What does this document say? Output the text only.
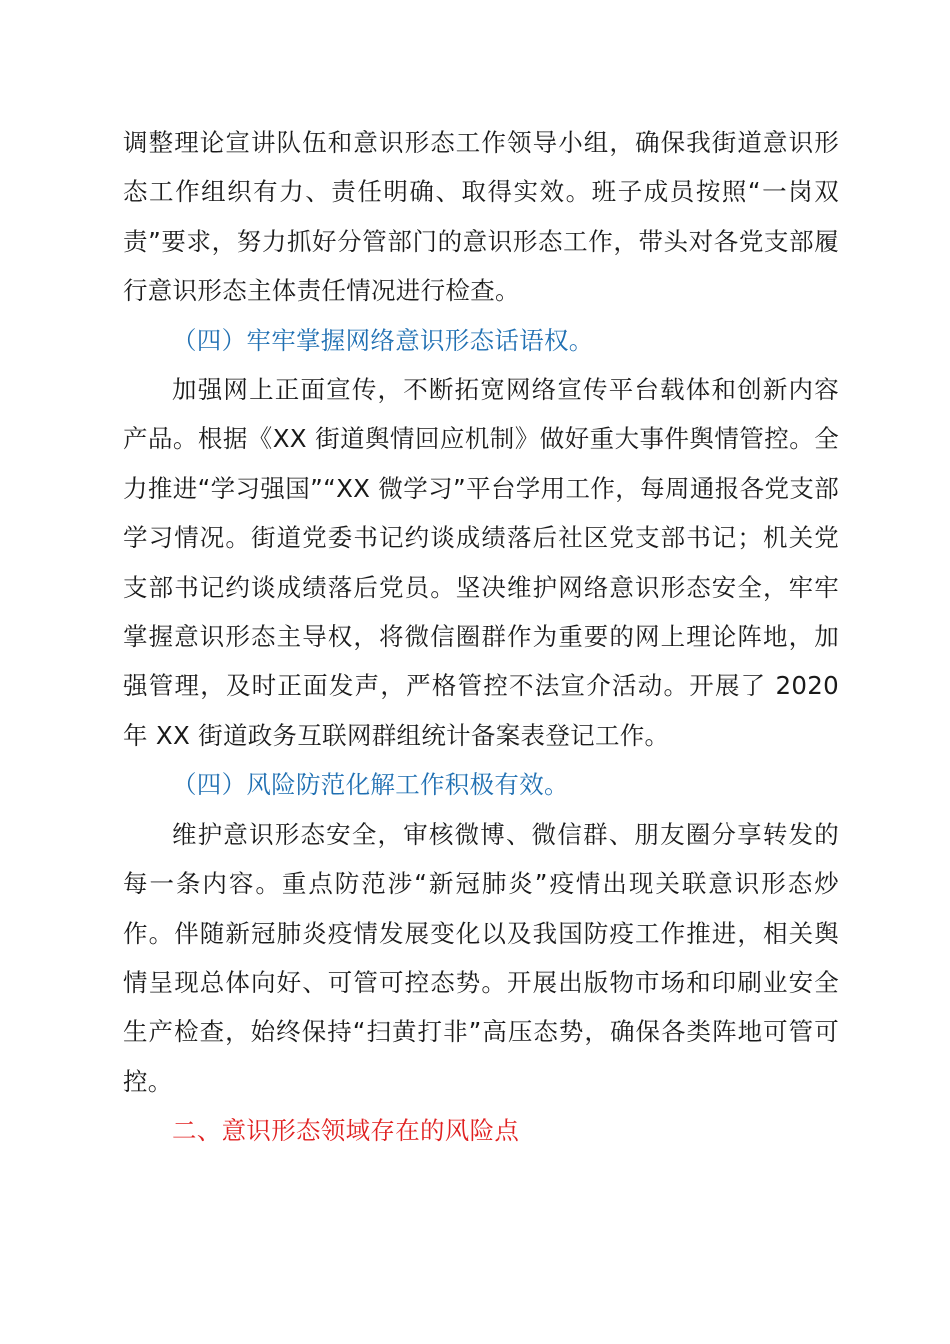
调整理论宣讲队伍和意识形态工作领导小组，确保我街道意识形态工作组织有力、责任明确、取得实效。班子成员按照“一岗双责”要求，努力抓好分管部门的意识形态工作，带头对各党支部履行意识形态主体责任情况进行检查。

（四）牢牢掌握网络意识形态话语权。

加强网上正面宣传，不断拓宽网络宣传平台载体和创新内容产品。根据《XX 街道舆情回应机制》做好重大事件舆情管控。全力推进“学习强国”“XX 微学习”平台学用工作，每周通报各党支部学习情况。街道党委书记约谈成绩落后社区党支部书记；机关党支部书记约谈成绩落后党员。坚决维护网络意识形态安全，牢牢掌握意识形态主导权，将微信圈群作为重要的网上理论阵地，加强管理，及时正面发声，严格管控不法宣介活动。开展了 2020 年 XX 街道政务互联网群组统计备案表登记工作。

（四）风险防范化解工作积极有效。

维护意识形态安全，审核微博、微信群、朋友圈分享转发的每一条内容。重点防范涉“新冠肺炎”疫情出现关联意识形态炒作。伴随新冠肺炎疫情发展变化以及我国防疫工作推进，相关舆情呈现总体向好、可管可控态势。开展出版物市场和印刷业安全生产检查，始终保持“扫黄打非”高压态势，确保各类阵地可管可控。

二、意识形态领域存在的风险点
